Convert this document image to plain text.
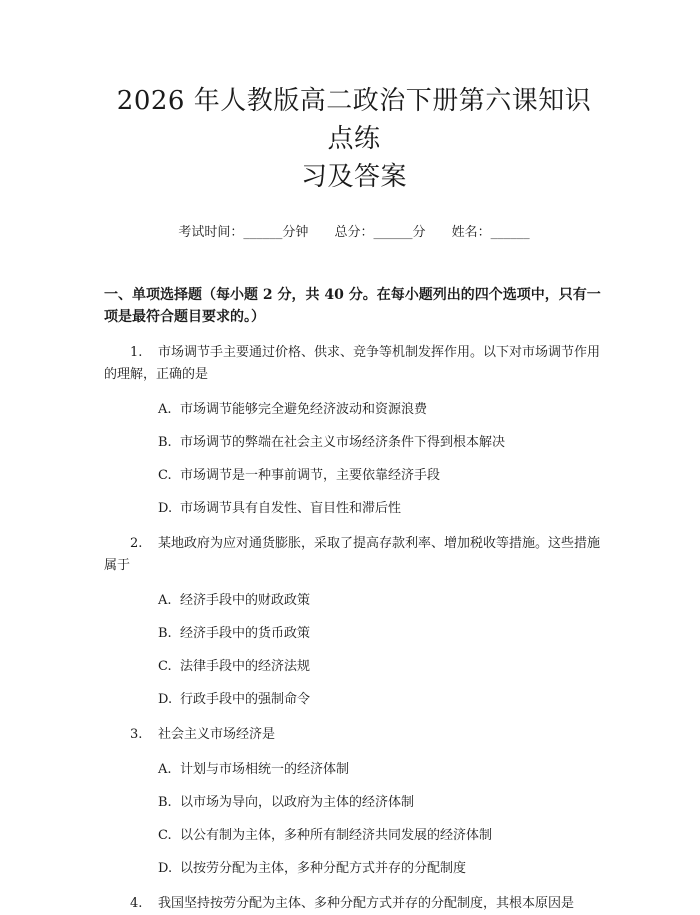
2026 年人教版高二政治下册第六课知识点练
习及答案
考试时间：______分钟 总分：______分 姓名：______
一、单项选择题（每小题 2 分，共 40 分。在每小题列出的四个选项中，只有一项是最符合题目要求的。）
1. 市场调节手主要通过价格、供求、竞争等机制发挥作用。以下对市场调节作用的理解，正确的是
A. 市场调节能够完全避免经济波动和资源浪费
B. 市场调节的弊端在社会主义市场经济条件下得到根本解决
C. 市场调节是一种事前调节，主要依靠经济手段
D. 市场调节具有自发性、盲目性和滞后性
2. 某地政府为应对通货膨胀，采取了提高存款利率、增加税收等措施。这些措施属于
A. 经济手段中的财政政策
B. 经济手段中的货币政策
C. 法律手段中的经济法规
D. 行政手段中的强制命令
3. 社会主义市场经济是
A. 计划与市场相统一的经济体制
B. 以市场为导向，以政府为主体的经济体制
C. 以公有制为主体，多种所有制经济共同发展的经济体制
D. 以按劳分配为主体，多种分配方式并存的分配制度
4. 我国坚持按劳分配为主体、多种分配方式并存的分配制度，其根本原因是
